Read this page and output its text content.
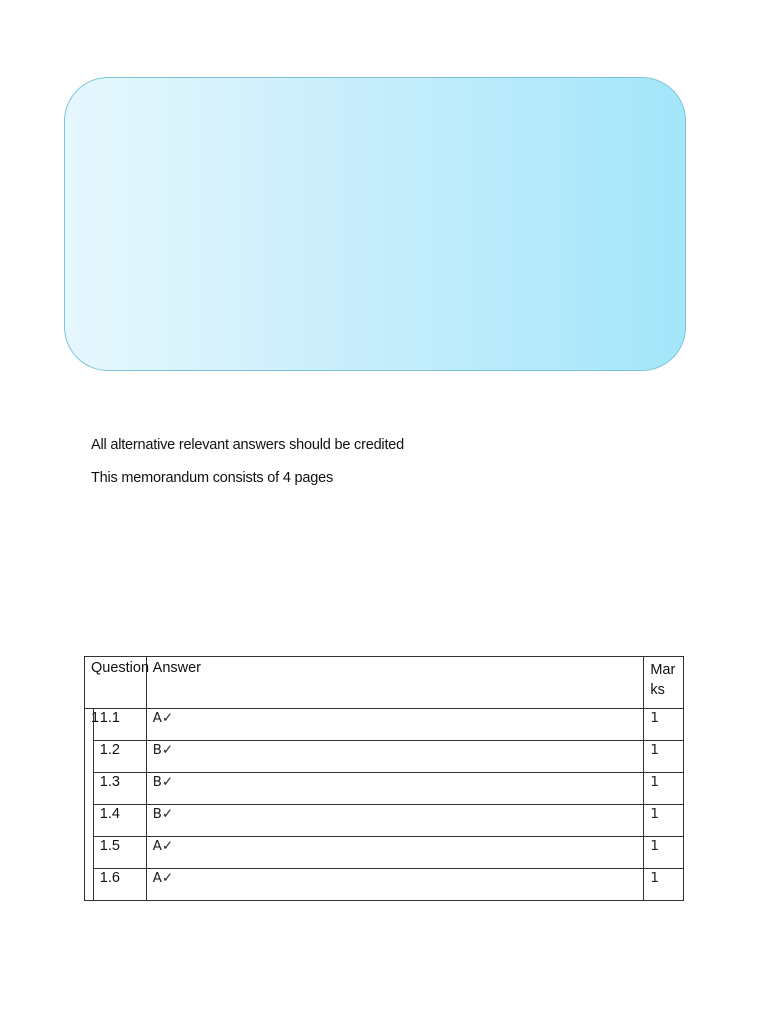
All alternative relevant answers should be credited
This memorandum consists of 4 pages
Question		Answer	Marks
1	1.1	A✓	1
	1.2	B✓	1
	1.3	B✓	1
	1.4	B✓	1
	1.5	A✓	1
	1.6	A✓	1
